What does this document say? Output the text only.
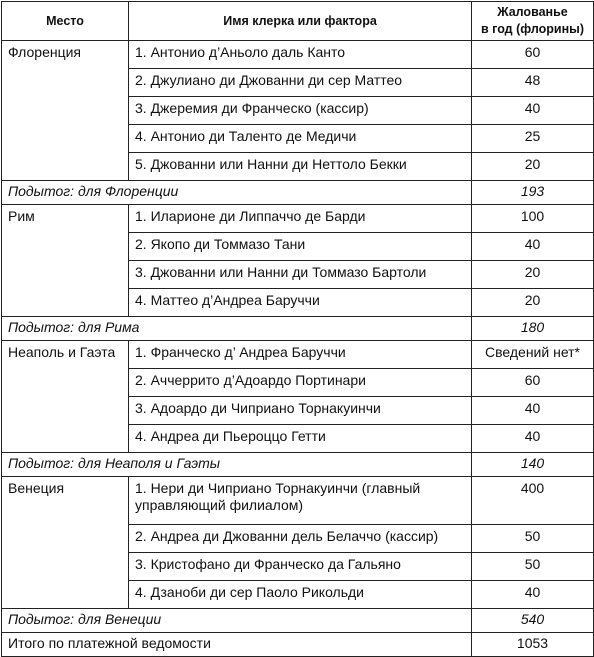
Место	Имя клерка или фактора	Жалованье
в год (флорины)
Флоренция	1. Антонио д’Аньоло даль Канто	60
	2. Джулиано ди Джованни ди сер Маттео	48
	3. Джеремия ди Франческо (кассир)	40
	4. Антонио ди Таленто де Медичи	25
	5. Джованни или Нанни ди Неттоло Бекки	20
Подытог: для Флоренции		193
Рим	1. Иларионе ди Липпаччо де Барди	100
	2. Якопо ди Томмазо Тани	40
	3. Джованни или Нанни ди Томмазо Бартоли	20
	4. Маттео д’Андреа Баруччи	20
Подытог: для Рима		180
Неаполь и Гаэта	1. Франческо д’ Андреа Баруччи	Сведений нет*
	2. Аччеррито д’Адоардо Портинари	60
	3. Адоардо ди Чиприано Торнакуинчи	40
	4. Андреа ди Пьероццо Гетти	40
Подытог: для Неаполя и Гаэты		140
Венеция	1. Нери ди Чиприано Торнакуинчи (главный управляющий филиалом)	400
	2. Андреа ди Джованни дель Белаччо (кассир)	50
	3. Кристофано ди Франческо да Гальяно	50
	4. Дзаноби ди сер Паоло Рикольди	40
Подытог: для Венеции		540
Итого по платежной ведомости		1053
